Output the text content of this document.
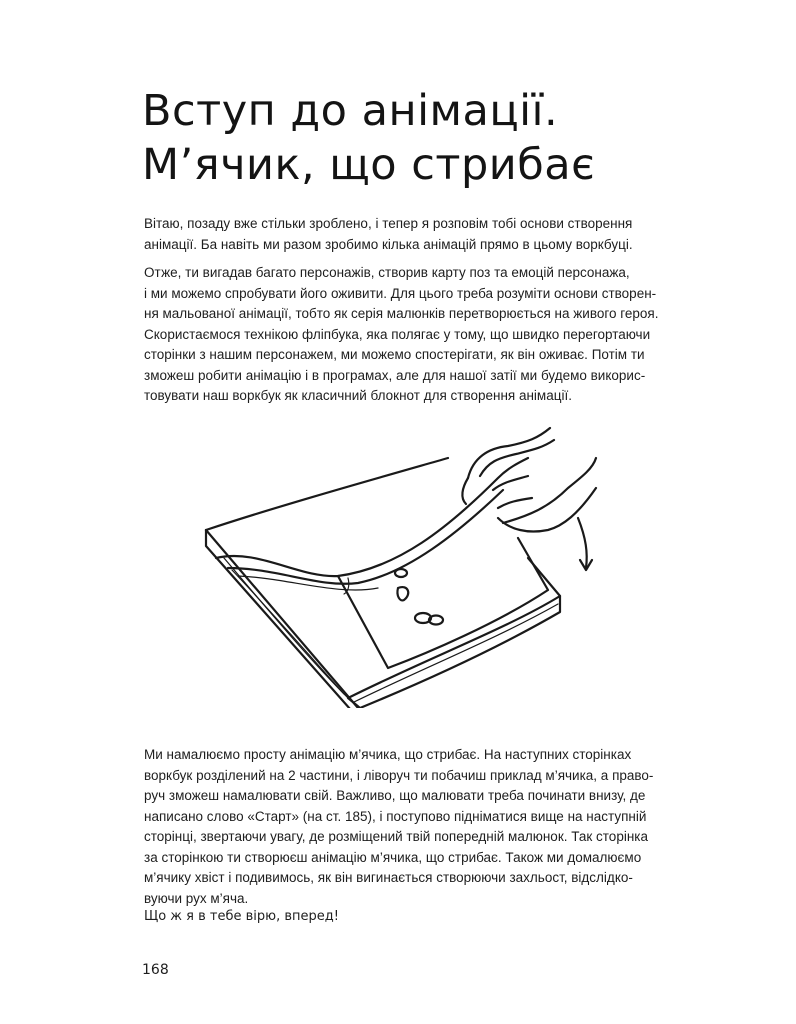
Вступ до анімації.
М’ячик, що стрибає

Вітаю, позаду вже стільки зроблено, і тепер я розповім тобі основи створення
анімації. Ба навіть ми разом зробимо кілька анімацій прямо в цьому воркбуці.

Отже, ти вигадав багато персонажів, створив карту поз та емоцій персонажа,
і ми можемо спробувати його оживити. Для цього треба розуміти основи створен-
ня мальованої анімації, тобто як серія малюнків перетворюється на живого героя.
Скористаємося технікою фліпбука, яка полягає у тому, що швидко перегортаючи
сторінки з нашим персонажем, ми можемо спостерігати, як він оживає. Потім ти
зможеш робити анімацію і в програмах, але для нашої затії ми будемо викорис-
товувати наш воркбук як класичний блокнот для створення анімації.

Ми намалюємо просту анімацію м’ячика, що стрибає. На наступних сторінках
воркбук розділений на 2 частини, і ліворуч ти побачиш приклад м’ячика, а право-
руч зможеш намалювати свій. Важливо, що малювати треба починати внизу, де
написано слово «Старт» (на ст. 185), і поступово підніматися вище на наступній
сторінці, звертаючи увагу, де розміщений твій попередній малюнок. Так сторінка
за сторінкою ти створюєш анімацію м’ячика, що стрибає. Також ми домалюємо
м’ячику хвіст і подивимось, як він вигинається створюючи захльост, відслідко-
вуючи рух м’яча.

Що ж я в тебе вірю, вперед!

168
